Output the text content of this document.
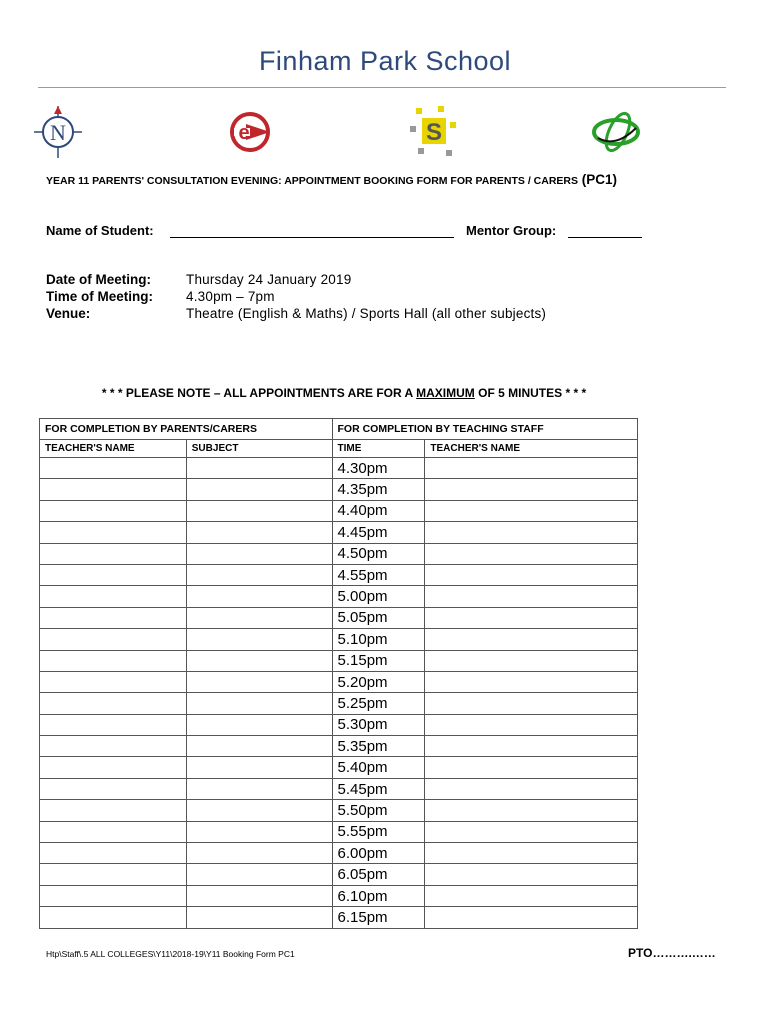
Finham Park School
N	e	S
YEAR 11 PARENTS' CONSULTATION EVENING: APPOINTMENT BOOKING FORM FOR PARENTS / CARERS (PC1)
Name of Student:	Mentor Group:
Date of Meeting:	Thursday 24 January 2019
Time of Meeting: 4.30pm – 7pm
Venue:	Theatre (English & Maths) / Sports Hall (all other subjects)
* * * PLEASE NOTE – ALL APPOINTMENTS ARE FOR A MAXIMUM OF 5 MINUTES * * *
FOR COMPLETION BY PARENTS/CARERS		FOR COMPLETION BY TEACHING STAFF	
TEACHER'S NAME	SUBJECT	TIME	TEACHER'S NAME
		4.30pm	
		4.35pm	
		4.40pm	
		4.45pm	
		4.50pm	
		4.55pm	
		5.00pm	
		5.05pm	
		5.10pm	
		5.15pm	
		5.20pm	
		5.25pm	
		5.30pm	
		5.35pm	
		5.40pm	
		5.45pm	
		5.50pm	
		5.55pm	
		6.00pm	
		6.05pm	
		6.10pm	
		6.15pm	
Htp\Staff\.5 ALL COLLEGES\Y11\2018-19\Y11 Booking Form PC1	PTO……….……
